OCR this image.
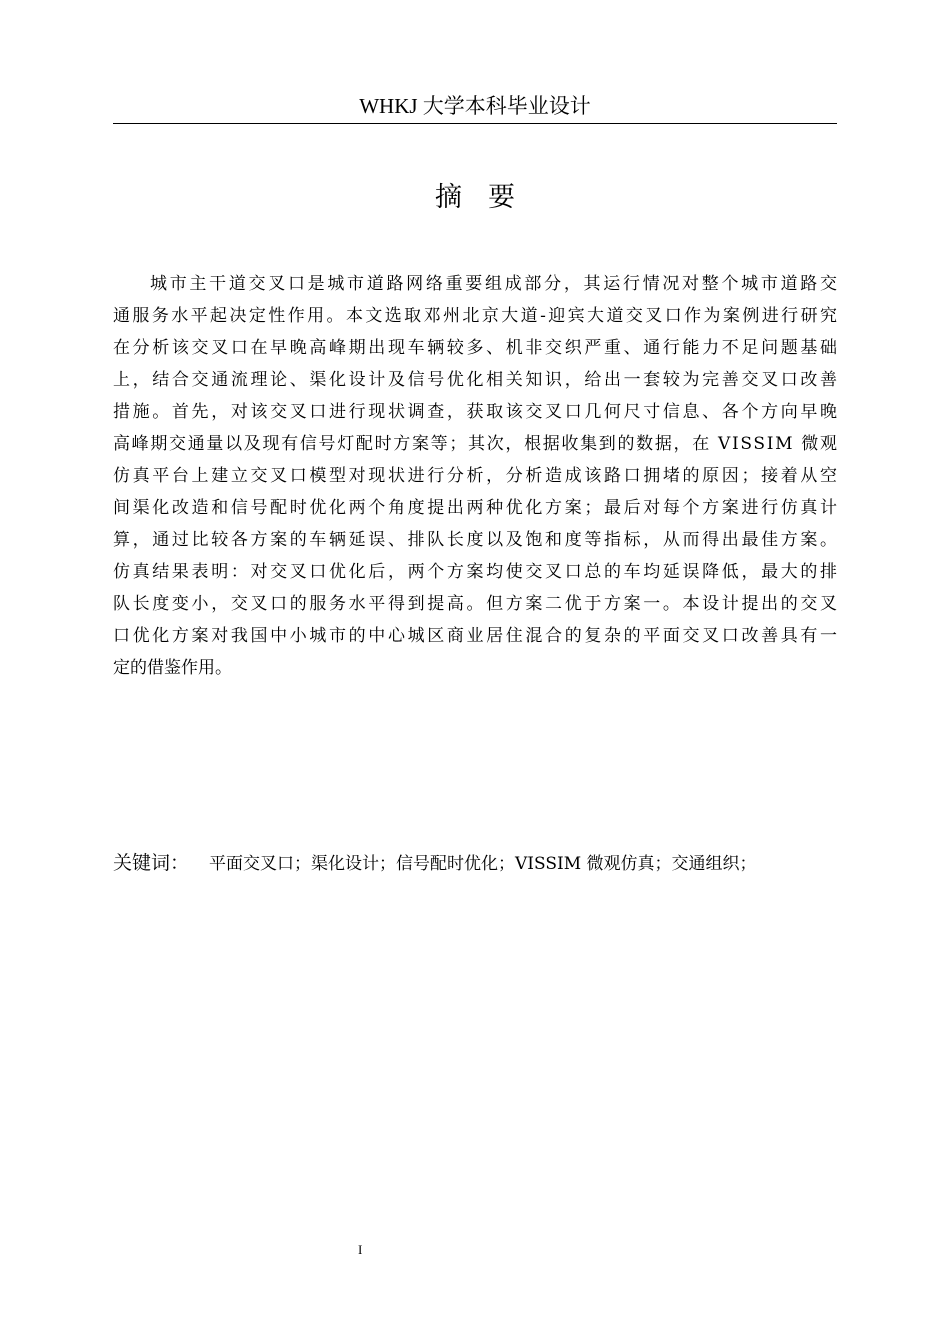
WHKJ 大学本科毕业设计
摘要
城市主干道交叉口是城市道路网络重要组成部分，其运行情况对整个城市道路交
通服务水平起决定性作用。本文选取邓州北京大道-迎宾大道交叉口作为案例进行研究
在分析该交叉口在早晚高峰期出现车辆较多、机非交织严重、通行能力不足问题基础
上，结合交通流理论、渠化设计及信号优化相关知识，给出一套较为完善交叉口改善
措施。首先，对该交叉口进行现状调查，获取该交叉口几何尺寸信息、各个方向早晚
高峰期交通量以及现有信号灯配时方案等；其次，根据收集到的数据，在 VISSIM 微观
仿真平台上建立交叉口模型对现状进行分析，分析造成该路口拥堵的原因；接着从空
间渠化改造和信号配时优化两个角度提出两种优化方案；最后对每个方案进行仿真计
算，通过比较各方案的车辆延误、排队长度以及饱和度等指标，从而得出最佳方案。
仿真结果表明：对交叉口优化后，两个方案均使交叉口总的车均延误降低，最大的排
队长度变小，交叉口的服务水平得到提高。但方案二优于方案一。本设计提出的交叉
口优化方案对我国中小城市的中心城区商业居住混合的复杂的平面交叉口改善具有一
定的借鉴作用。
关键词： 平面交叉口；渠化设计；信号配时优化；VISSIM 微观仿真；交通组织；
I
